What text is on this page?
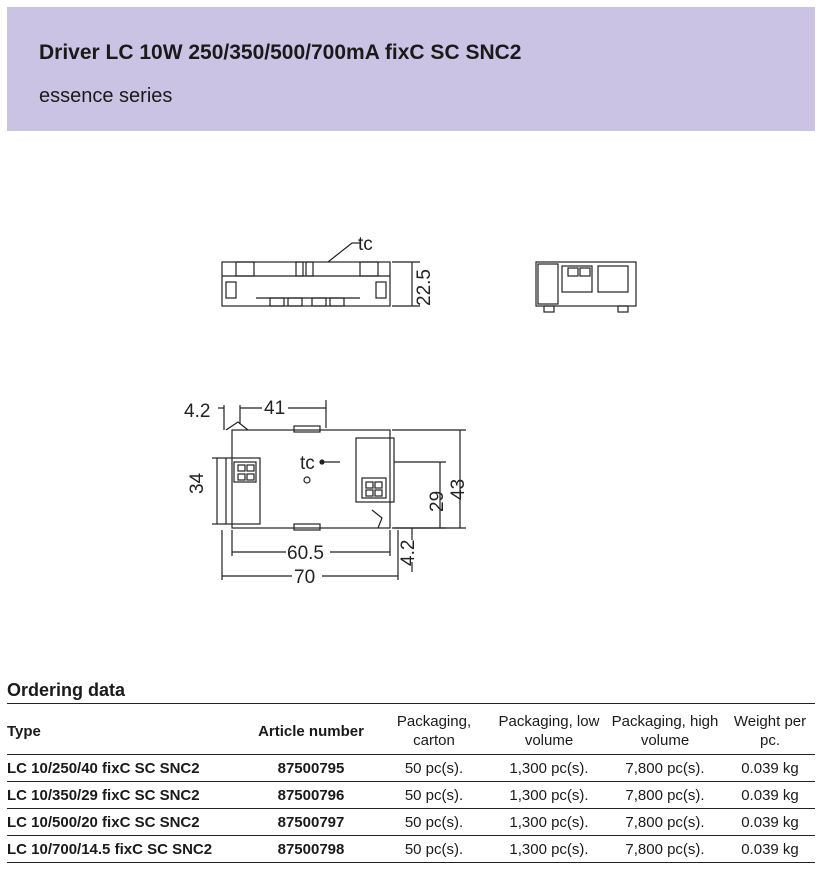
Driver LC 10W 250/350/500/700mA fixC SC SNC2
essence series
tc
22.5
tc
4.2	41
34	43
29
60.5	4.2
70
Ordering data
Type	Article number	Packaging, carton	Packaging, low volume	Packaging, high volume	Weight per pc.
LC 10/250/40 fixC SC SNC2	87500795	50 pc(s).	1,300 pc(s).	7,800 pc(s).	0.039 kg
LC 10/350/29 fixC SC SNC2	87500796	50 pc(s).	1,300 pc(s).	7,800 pc(s).	0.039 kg
LC 10/500/20 fixC SC SNC2	87500797	50 pc(s).	1,300 pc(s).	7,800 pc(s).	0.039 kg
LC 10/700/14.5 fixC SC SNC2	87500798	50 pc(s).	1,300 pc(s).	7,800 pc(s).	0.039 kg
